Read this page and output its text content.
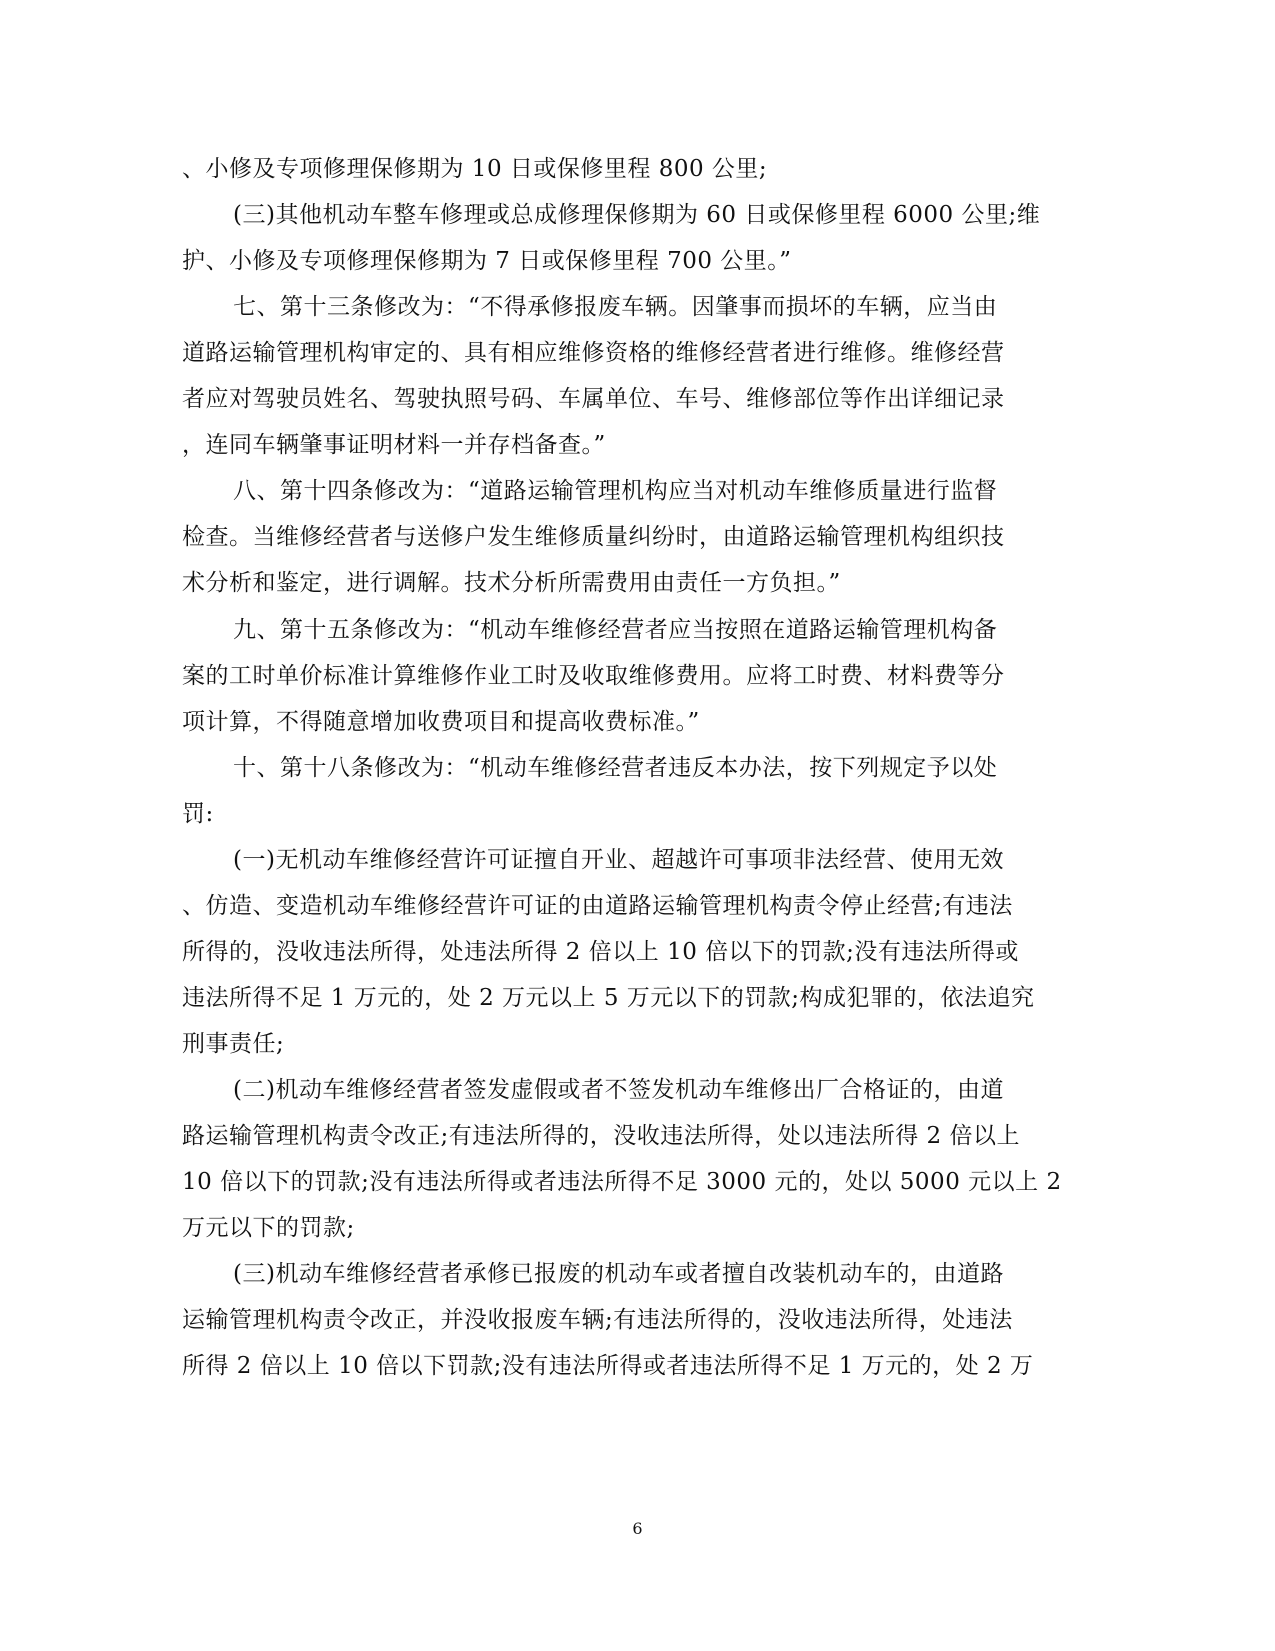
、小修及专项修理保修期为 10 日或保修里程 800 公里;
(三)其他机动车整车修理或总成修理保修期为 60 日或保修里程 6000 公里;维
护、小修及专项修理保修期为 7 日或保修里程 700 公里。”
七、第十三条修改为：“不得承修报废车辆。因肇事而损坏的车辆，应当由
道路运输管理机构审定的、具有相应维修资格的维修经营者进行维修。维修经营
者应对驾驶员姓名、驾驶执照号码、车属单位、车号、维修部位等作出详细记录
，连同车辆肇事证明材料一并存档备查。”
八、第十四条修改为：“道路运输管理机构应当对机动车维修质量进行监督
检查。当维修经营者与送修户发生维修质量纠纷时，由道路运输管理机构组织技
术分析和鉴定，进行调解。技术分析所需费用由责任一方负担。”
九、第十五条修改为：“机动车维修经营者应当按照在道路运输管理机构备
案的工时单价标准计算维修作业工时及收取维修费用。应将工时费、材料费等分
项计算，不得随意增加收费项目和提高收费标准。”
十、第十八条修改为：“机动车维修经营者违反本办法，按下列规定予以处
罚:
(一)无机动车维修经营许可证擅自开业、超越许可事项非法经营、使用无效
、仿造、变造机动车维修经营许可证的由道路运输管理机构责令停止经营;有违法
所得的，没收违法所得，处违法所得 2 倍以上 10 倍以下的罚款;没有违法所得或
违法所得不足 1 万元的，处 2 万元以上 5 万元以下的罚款;构成犯罪的，依法追究
刑事责任;
(二)机动车维修经营者签发虚假或者不签发机动车维修出厂合格证的，由道
路运输管理机构责令改正;有违法所得的，没收违法所得，处以违法所得 2 倍以上
10 倍以下的罚款;没有违法所得或者违法所得不足 3000 元的，处以 5000 元以上 2
万元以下的罚款;
(三)机动车维修经营者承修已报废的机动车或者擅自改装机动车的，由道路
运输管理机构责令改正，并没收报废车辆;有违法所得的，没收违法所得，处违法
所得 2 倍以上 10 倍以下罚款;没有违法所得或者违法所得不足 1 万元的，处 2 万
6
